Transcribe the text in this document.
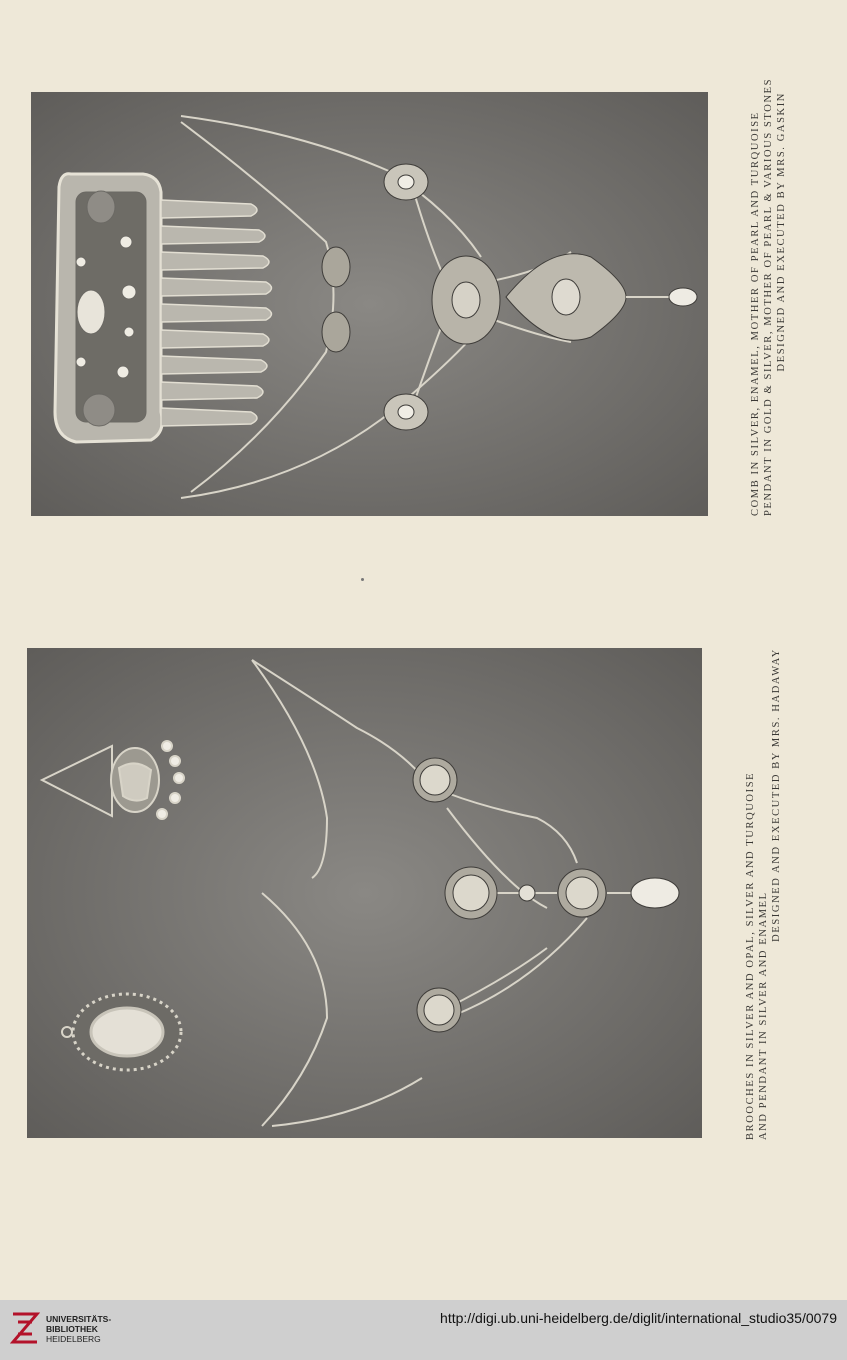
COMB IN SILVER, ENAMEL, MOTHER OF PEARL AND TURQUOISE PENDANT IN GOLD & SILVER, MOTHER OF PEARL & VARIOUS STONES DESIGNED AND EXECUTED BY MRS. GASKIN
BROOCHES IN SILVER AND OPAL, SILVER AND TURQUOISE AND PENDANT IN SILVER AND ENAMEL
DESIGNED AND EXECUTED BY MRS. HADAWAY
UNIVERSITÄTS-
BIBLIOTHEK
HEIDELBERG
http://digi.ub.uni-heidelberg.de/diglit/international_studio35/0079
